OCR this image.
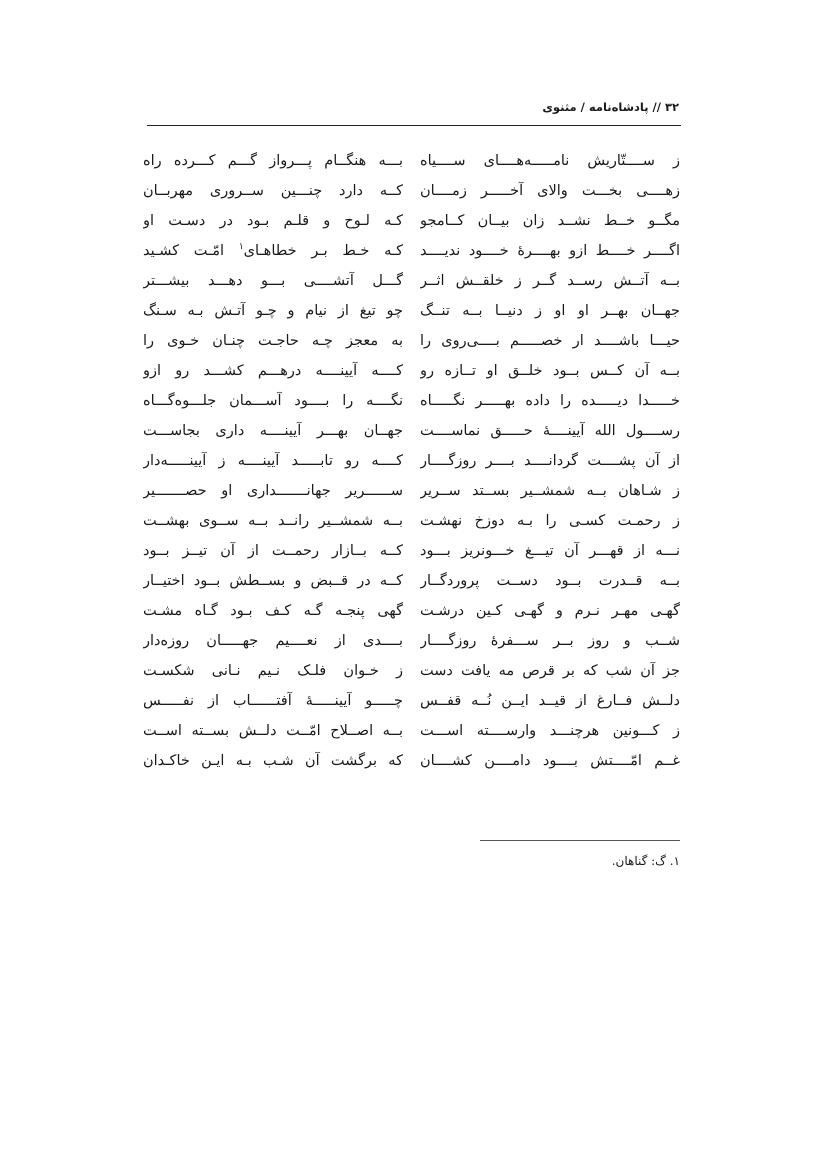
۳۲ // پادشاه‌نامه / مثنوی
ز ســــتّاریش نامـــــه‌هــــای ســــیاه
زهــــی بخـــت والای آخـــــر زمــــان
مگــو خــط نشــد زان بیــان کــامجو
اگــــر خــــط ازو بهــــرهٔ خــــود ندیــــد
بــه آتــش رســد گــر ز خلقــش اثــر
جهــان بهــر او او ز دنیــا بــه تنــگ
حیـــا باشــــد ار خصـــــم بــــی‌روی را
بــه آن کــس بــود خلــق او تــازه رو
خـــــدا دیـــــده را داده بهـــــر نگـــــاه
رســــول الله آیینــــهٔ حـــــق نماســــت
از آن پشــــت گردانــــد بــــر روزگــــار
ز شـاهان بــه شمشــیر بســتد ســریر
ز رحمـت کسـی را بـه دوزخ نهشـت
نـــه از قهـــر آن تیـــغ خـــونریز بـــود
بــه قــدرت بــود دســت پروردگــار
گهـی مهـر نـرم و گهـی کـین درشـت
شــب و روز بــر ســـفرهٔ روزگــــار
جز آن شب که بر قرص مه یافت دست
دلــش فــارغ از قیــد ایــن نُــه قفــس
ز کـــونین هرچنـــد وارســــته اســـت
غــم امّــــتش بــــود دامــــن کشــــان
بـــه هنگــام پـــرواز گـــم کـــرده راه
کــه دارد چنـــین ســروری مهربــان
کـه لـوح و قلـم بـود در دسـت او
کـه خـط بـر خطاهـای$^۱$ امّـت کشـید
گـــل آتشــــی بـــو دهـــد بیشـــتر
چو تیغ از نیام و چـو آتـش بـه سـنگ
به معجز چـه حاجـت چنـان خـوی را
کــــه آیینــــه درهـــم کشـــد رو ازو
نگــــه را بــــود آســـمان جلـــوه‌گـــاه
جهــان بهـــر آیینــــه داری بجاســـت
کــــه رو تابـــــد آیینــــه ز آیینـــــه‌دار
ســــــریر جهانـــــــداری او حصـــــــیر
بــه شمشــیر رانــد بــه ســوی بهشــت
کــه بــازار رحمــت از آن تیــز بــود
کــه در قــبض و بســطش بــود اختیــار
گهی پنجـه گـه کـف بـود گـاه مشـت
بــــدی از نعــــیم جهـــــان روزه‌دار
ز خـوان فلـک نـیم نـانی شکسـت
چـــــو آیینـــــهٔ آفتــــــاب از نفـــــس
بــه اصــلاح امّــت دلــش بســته اســت
که برگشت آن شـب بـه ایـن خاکـدان
۱. گ: گناهان.
